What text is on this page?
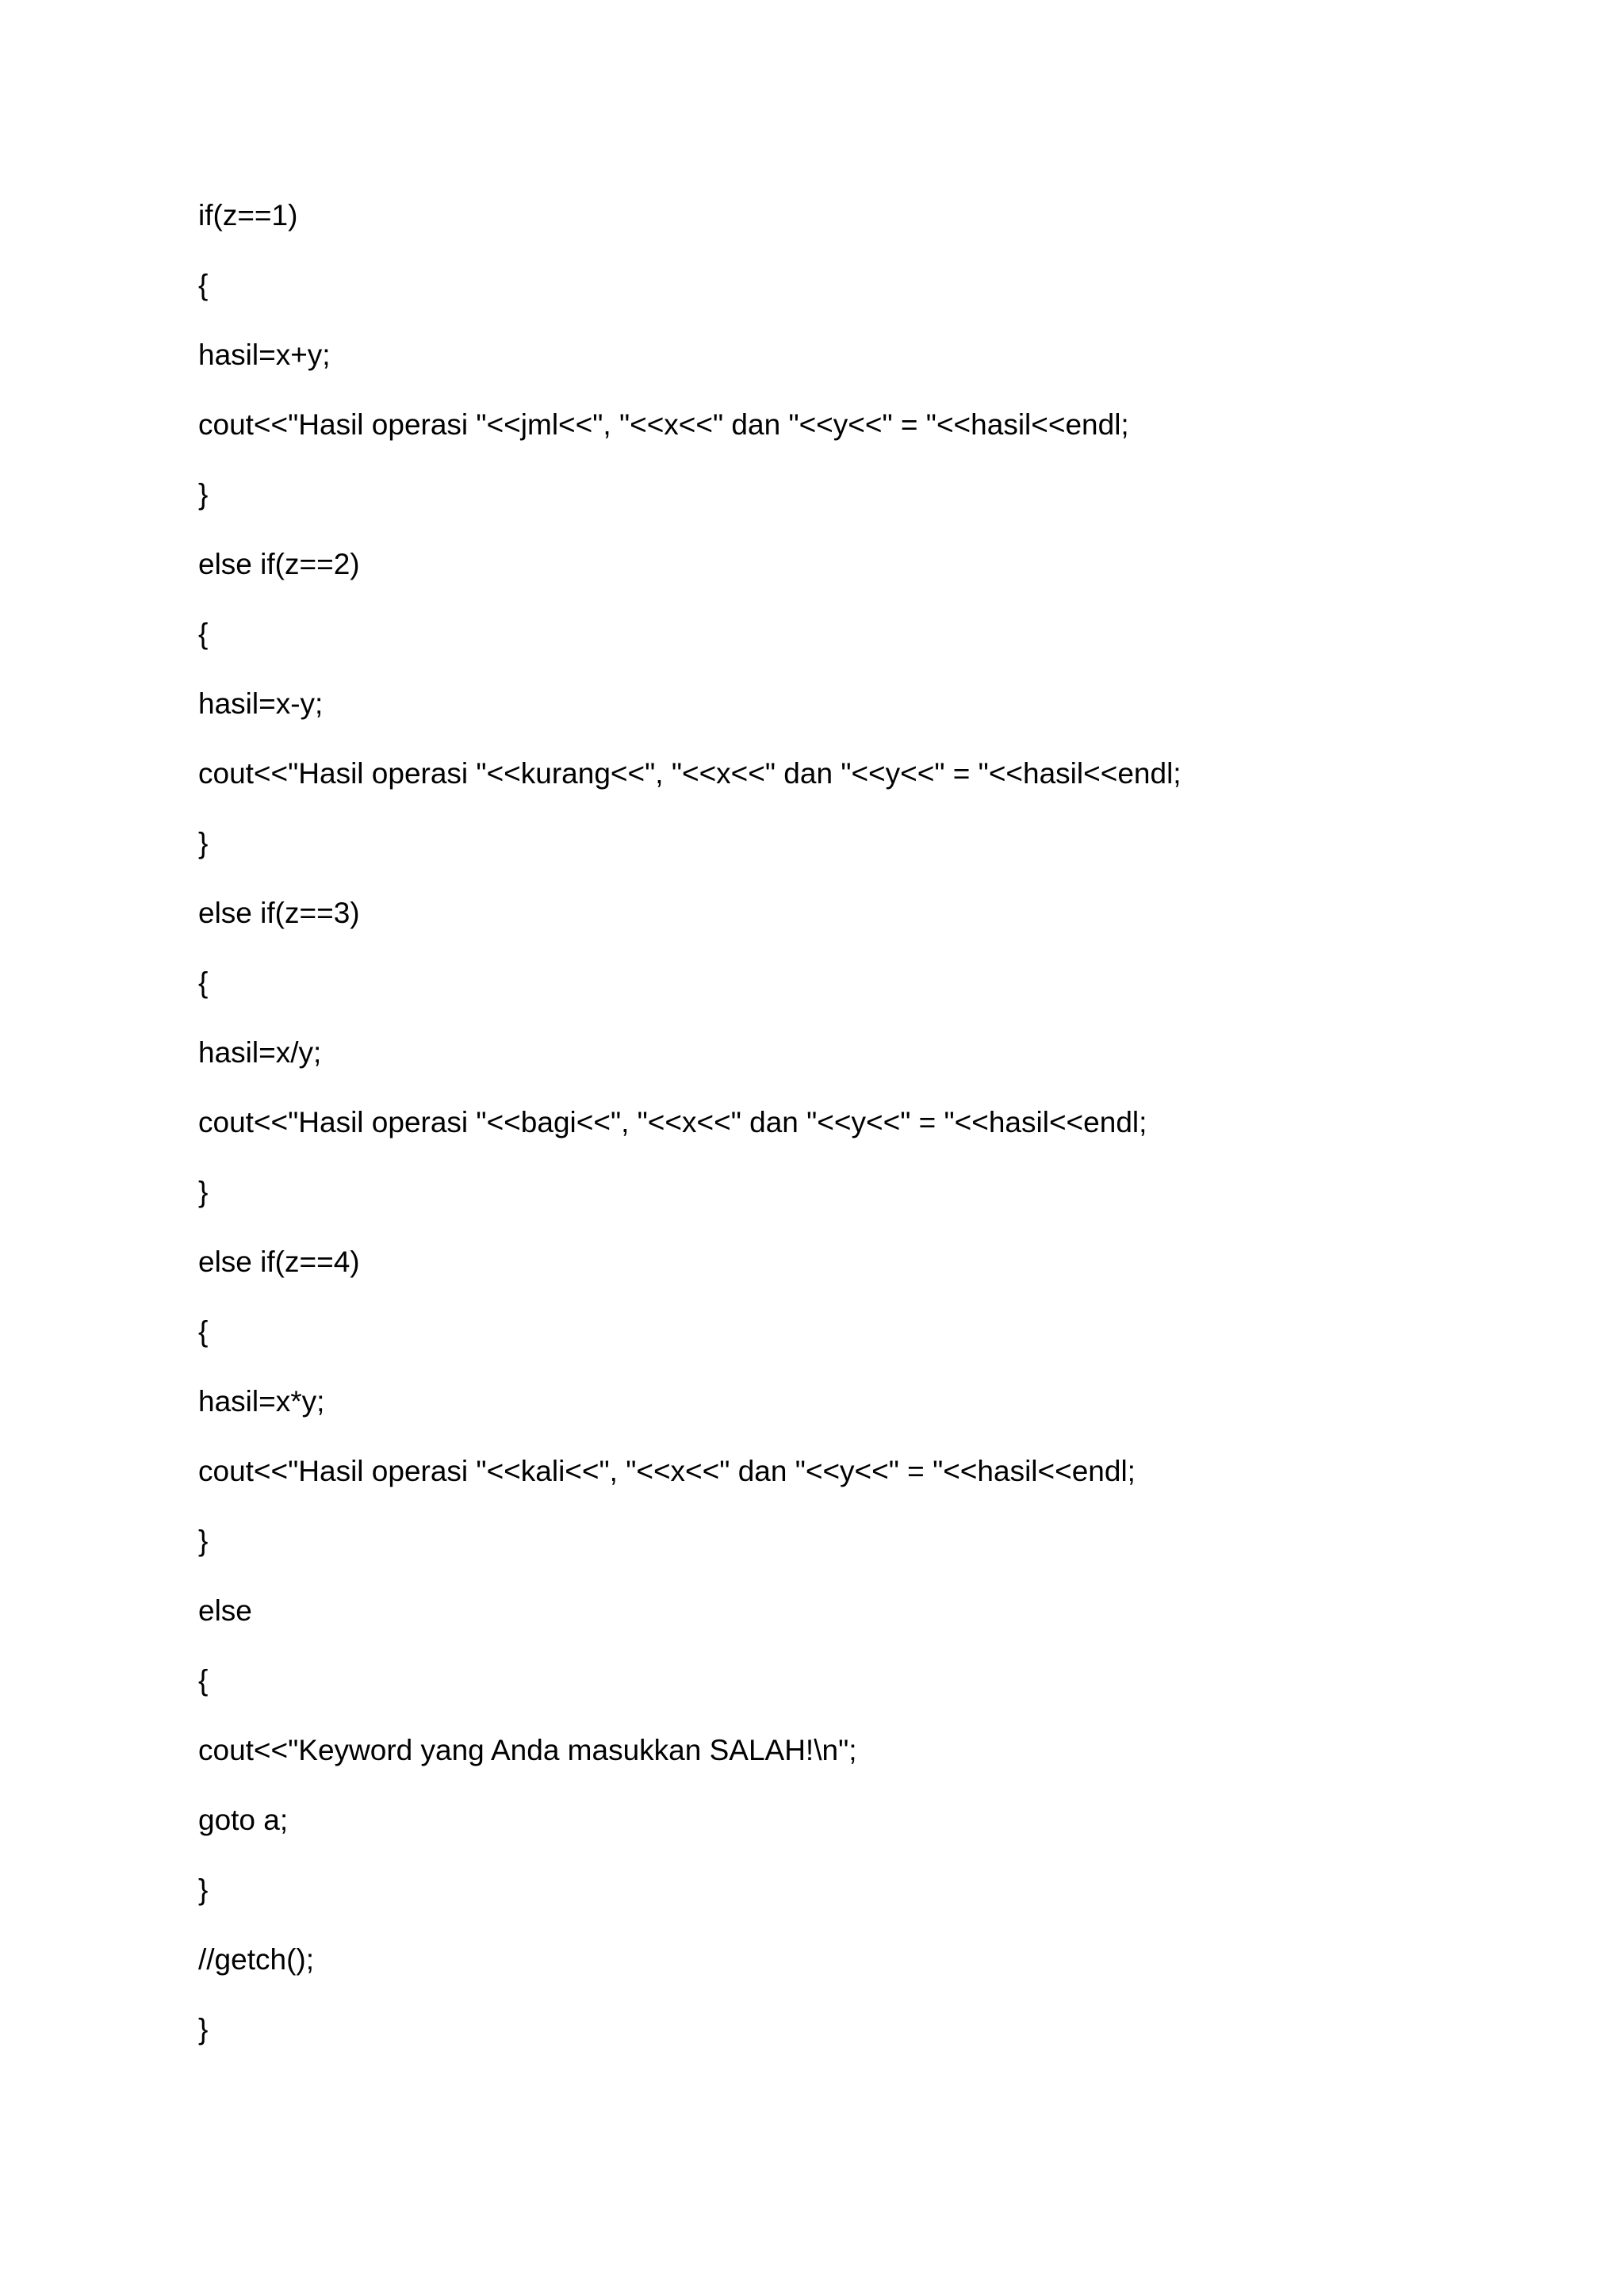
if(z==1)
{
hasil=x+y;
cout<<"Hasil operasi "<<jml<<", "<<x<<" dan "<<y<<" = "<<hasil<<endl;
}
else if(z==2)
{
hasil=x-y;
cout<<"Hasil operasi "<<kurang<<", "<<x<<" dan "<<y<<" = "<<hasil<<endl;
}
else if(z==3)
{
hasil=x/y;
cout<<"Hasil operasi "<<bagi<<", "<<x<<" dan "<<y<<" = "<<hasil<<endl;
}
else if(z==4)
{
hasil=x*y;
cout<<"Hasil operasi "<<kali<<", "<<x<<" dan "<<y<<" = "<<hasil<<endl;
}
else
{
cout<<"Keyword yang Anda masukkan SALAH!\n";
goto a;
}
//getch();
}
